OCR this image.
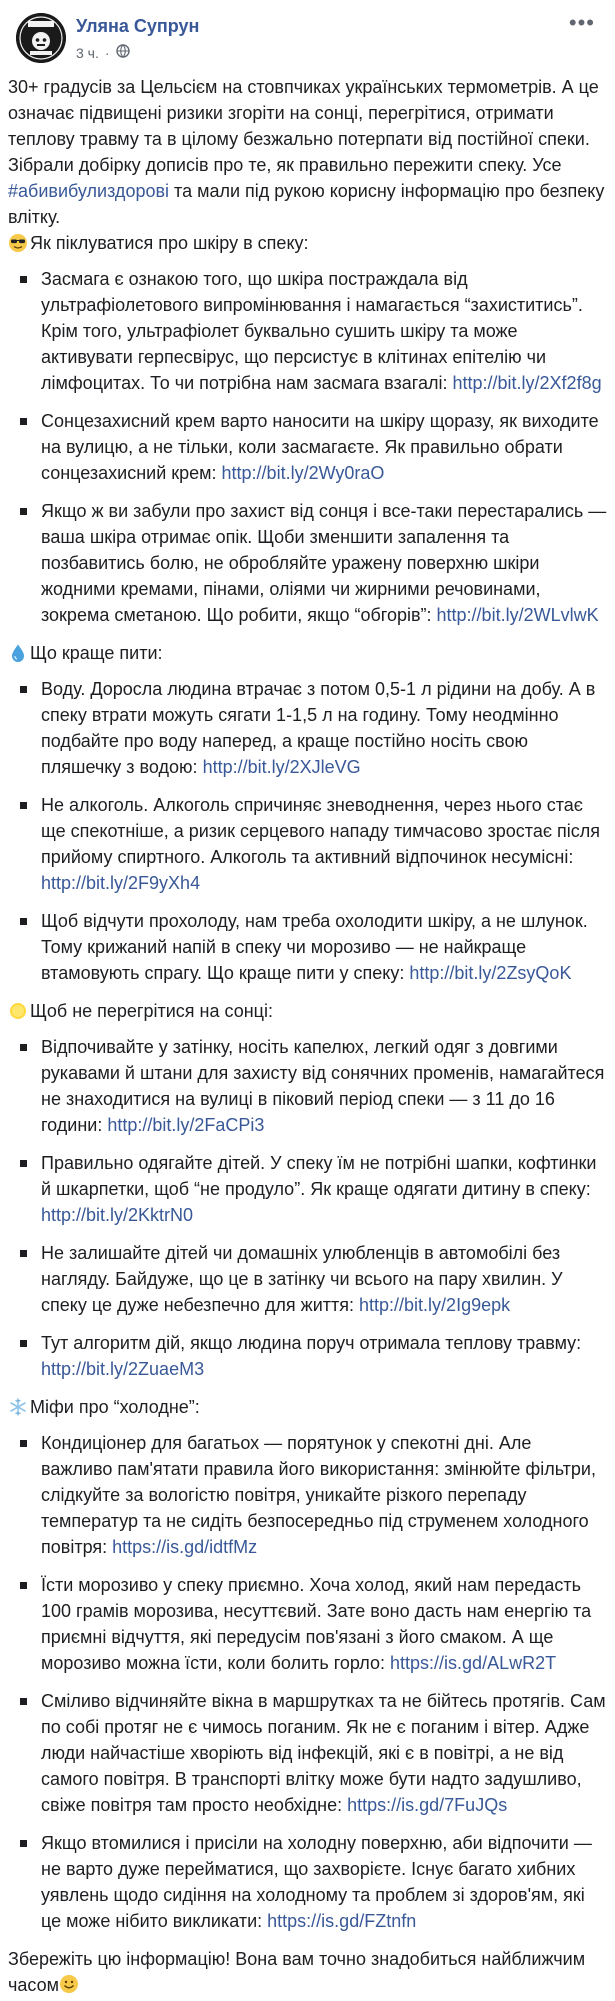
Уляна Супрун
3 ч. ·
•••

30+ градусів за Цельсієм на стовпчиках українських термометрів. А це означає підвищені ризики згоріти на сонці, перегрітися, отримати теплову травму та в цілому безжально потерпати від постійної спеки.

Зібрали добірку дописів про те, як правильно пережити спеку. Усе #абивибулиздорові та мали під рукою корисну інформацію про безпеку влітку.

Як піклуватися про шкіру в спеку:
Засмага є ознакою того, що шкіра постраждала від ультрафіолетового випромінювання і намагається “захиститись”. Крім того, ультрафіолет буквально сушить шкіру та може активувати герпесвірус, що персистує в клітинах епітелію чи лімфоцитах. То чи потрібна нам засмага взагалі: http://bit.ly/2Xf2f8g
Сонцезахисний крем варто наносити на шкіру щоразу, як виходите на вулицю, а не тільки, коли засмагаєте. Як правильно обрати сонцезахисний крем: http://bit.ly/2Wy0raO
Якщо ж ви забули про захист від сонця і все-таки перестарались — ваша шкіра отримає опік. Щоби зменшити запалення та позбавитись болю, не обробляйте уражену поверхню шкіри жодними кремами, пінами, оліями чи жирними речовинами, зокрема сметаною. Що робити, якщо “обгорів”: http://bit.ly/2WLvlwK
Що краще пити:
Воду. Доросла людина втрачає з потом 0,5-1 л рідини на добу. А в спеку втрати можуть сягати 1-1,5 л на годину. Тому неодмінно подбайте про воду наперед, а краще постійно носіть свою пляшечку з водою: http://bit.ly/2XJleVG
Не алкоголь. Алкоголь спричиняє зневоднення, через нього стає ще спекотніше, а ризик серцевого нападу тимчасово зростає після прийому спиртного. Алкоголь та активний відпочинок несумісні: http://bit.ly/2F9yXh4
Щоб відчути прохолоду, нам треба охолодити шкіру, а не шлунок. Тому крижаний напій в спеку чи морозиво — не найкраще втамовують спрагу. Що краще пити у спеку: http://bit.ly/2ZsyQoK
Щоб не перегрітися на сонці:
Відпочивайте у затінку, носіть капелюх, легкий одяг з довгими рукавами й штани для захисту від сонячних променів, намагайтеся не знаходитися на вулиці в піковий період спеки — з 11 до 16 години: http://bit.ly/2FaCPi3
Правильно одягайте дітей. У спеку їм не потрібні шапки, кофтинки й шкарпетки, щоб “не продуло”. Як краще одягати дитину в спеку: http://bit.ly/2KktrN0
Не залишайте дітей чи домашніх улюбленців в автомобілі без нагляду. Байдуже, що це в затінку чи всього на пару хвилин. У спеку це дуже небезпечно для життя: http://bit.ly/2Ig9epk
Тут алгоритм дій, якщо людина поруч отримала теплову травму: http://bit.ly/2ZuaeM3
Міфи про “холодне”:
Кондиціонер для багатьох — порятунок у спекотні дні. Але важливо пам'ятати правила його використання: змінюйте фільтри, слідкуйте за вологістю повітря, уникайте різкого перепаду температур та не сидіть безпосередньо під струменем холодного повітря: https://is.gd/idtfMz
Їсти морозиво у спеку приємно. Хоча холод, який нам передасть 100 грамів морозива, несуттєвий. Зате воно дасть нам енергію та приємні відчуття, які передусім пов'язані з його смаком. А ще морозиво можна їсти, коли болить горло: https://is.gd/ALwR2T
Сміливо відчиняйте вікна в маршрутках та не бійтесь протягів. Сам по собі протяг не є чимось поганим. Як не є поганим і вітер. Адже люди найчастіше хворіють від інфекцій, які є в повітрі, а не від самого повітря. В транспорті влітку може бути надто задушливо, свіже повітря там просто необхідне: https://is.gd/7FuJQs
Якщо втомилися і присіли на холодну поверхню, аби відпочити — не варто дуже перейматися, що захворієте. Існує багато хибних уявлень щодо сидіння на холодному та проблем зі здоров'ям, які це може нібито викликати: https://is.gd/FZtnfn

Збережіть цю інформацію! Вона вам точно знадобиться найближчим часом
